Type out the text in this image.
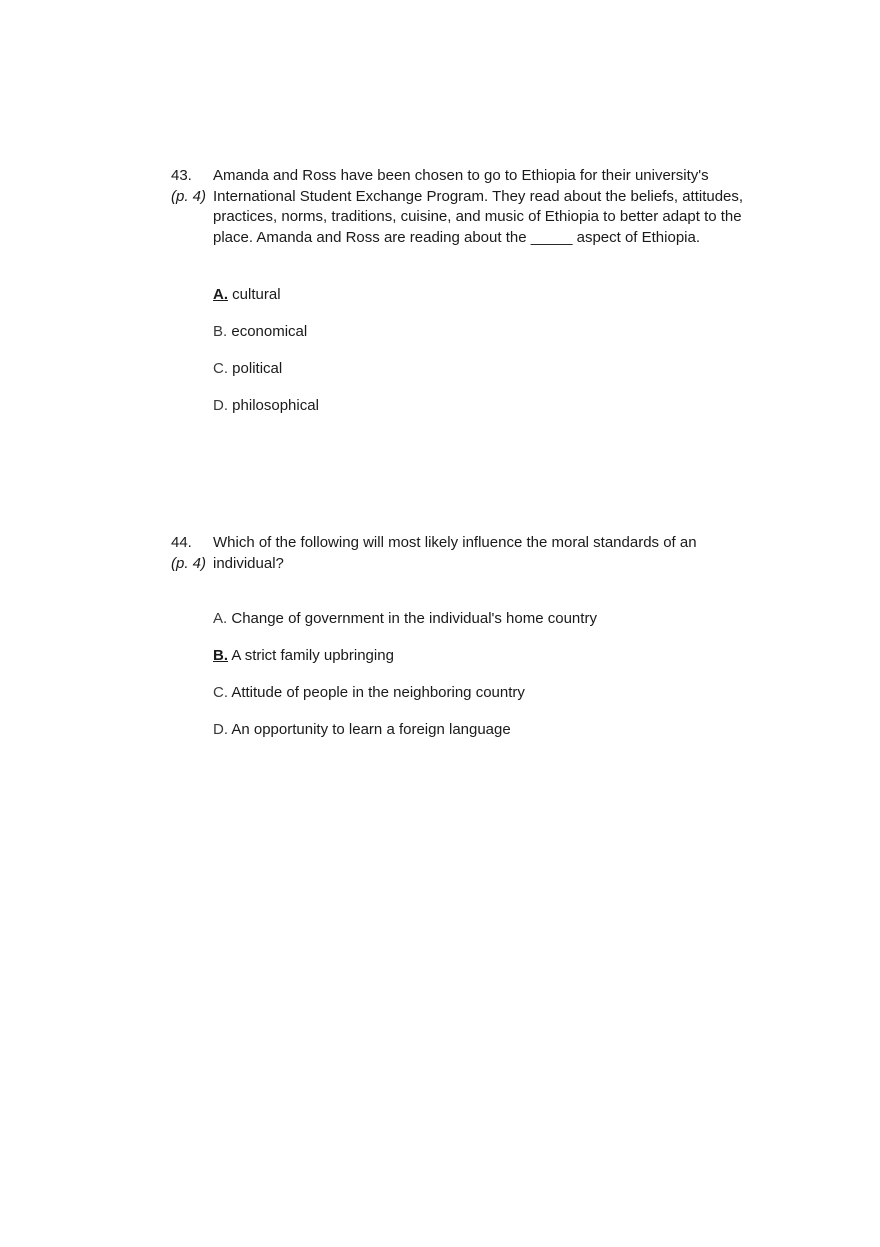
43.
(p. 4)
Amanda and Ross have been chosen to go to Ethiopia for their university's International Student Exchange Program. They read about the beliefs, attitudes, practices, norms, traditions, cuisine, and music of Ethiopia to better adapt to the place. Amanda and Ross are reading about the _____ aspect of Ethiopia.
A. cultural
B. economical
C. political
D. philosophical
44.
(p. 4)
Which of the following will most likely influence the moral standards of an individual?
A. Change of government in the individual's home country
B. A strict family upbringing
C. Attitude of people in the neighboring country
D. An opportunity to learn a foreign language
